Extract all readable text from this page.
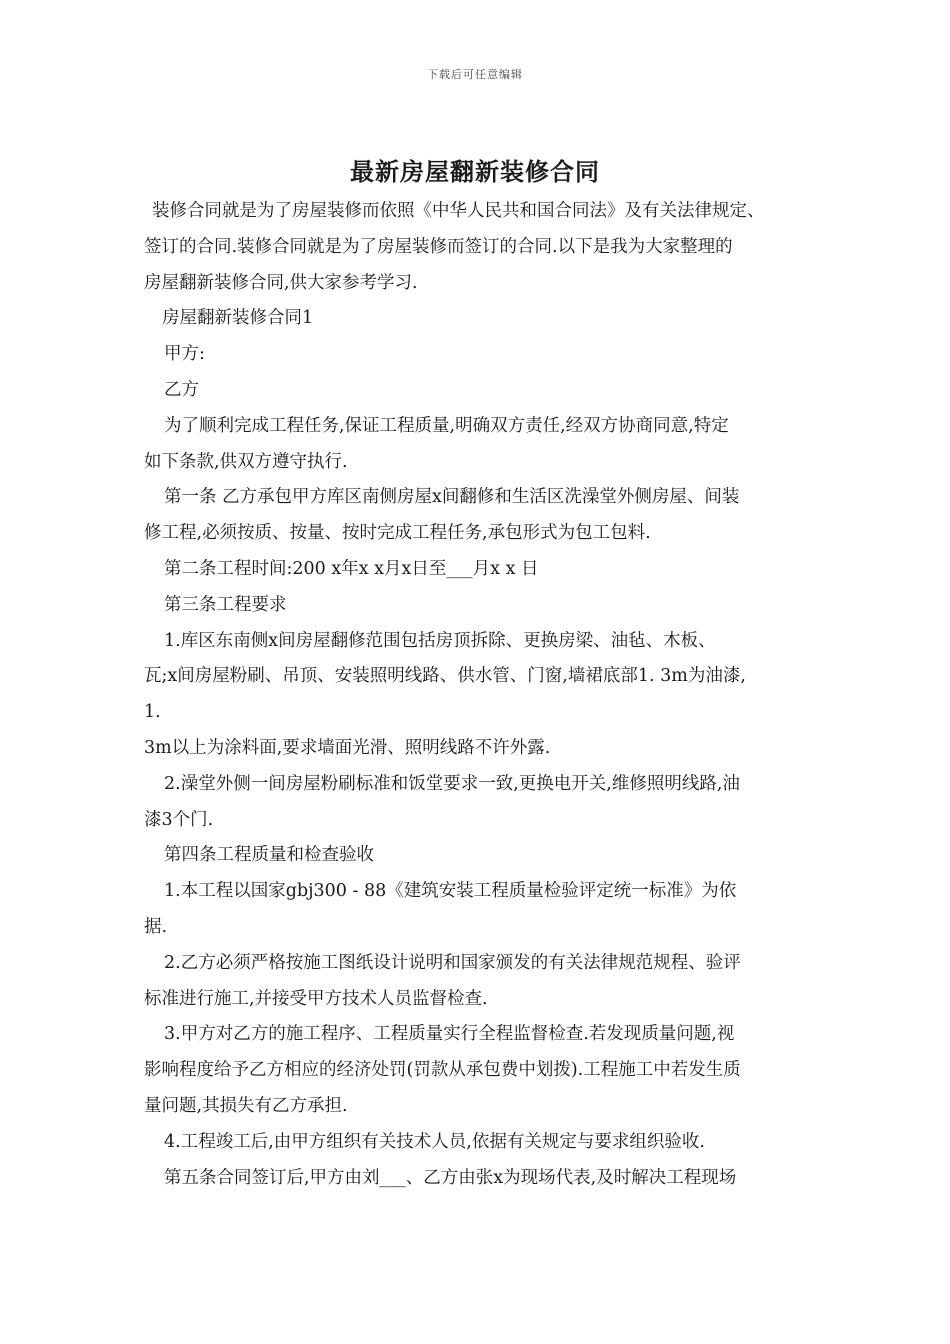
下载后可任意编辑
最新房屋翻新装修合同
装修合同就是为了房屋装修而依照《中华人民共和国合同法》及有关法律规定、
签订的合同.装修合同就是为了房屋装修而签订的合同.以下是我为大家整理的
房屋翻新装修合同,供大家参考学习.
房屋翻新装修合同1
甲方:
乙方
为了顺利完成工程任务,保证工程质量,明确双方责任,经双方协商同意,特定
如下条款,供双方遵守执行.
第一条 乙方承包甲方库区南侧房屋x间翻修和生活区洗澡堂外侧房屋、间装
修工程,必须按质、按量、按时完成工程任务,承包形式为包工包料.
第二条工程时间:200 x年x x月x日至___月x x 日
第三条工程要求
1.库区东南侧x间房屋翻修范围包括房顶拆除、更换房梁、油毡、木板、
瓦;x间房屋粉刷、吊顶、安装照明线路、供水管、门窗,墙裙底部1. 3m为油漆,
1.
3m以上为涂料面,要求墙面光滑、照明线路不许外露.
2.澡堂外侧一间房屋粉刷标准和饭堂要求一致,更换电开关,维修照明线路,油
漆3个门.
第四条工程质量和检查验收
1.本工程以国家gbj300 - 88《建筑安装工程质量检验评定统一标准》为依
据.
2.乙方必须严格按施工图纸设计说明和国家颁发的有关法律规范规程、验评
标准进行施工,并接受甲方技术人员监督检查.
3.甲方对乙方的施工程序、工程质量实行全程监督检查.若发现质量问题,视
影响程度给予乙方相应的经济处罚(罚款从承包费中划拨).工程施工中若发生质
量问题,其损失有乙方承担.
4.工程竣工后,由甲方组织有关技术人员,依据有关规定与要求组织验收.
第五条合同签订后,甲方由刘___、乙方由张x为现场代表,及时解决工程现场
